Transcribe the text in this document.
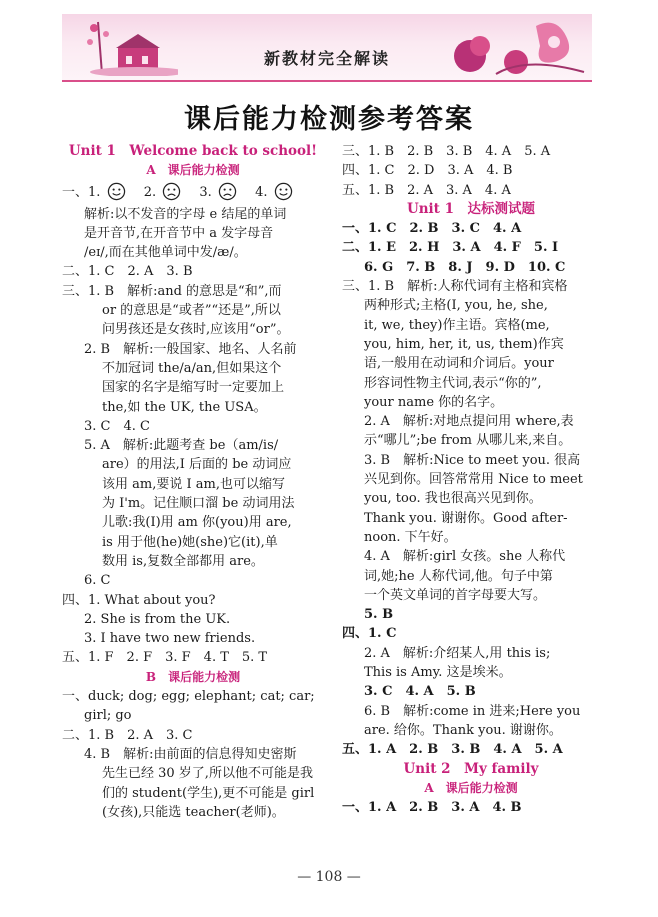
新教材完全解读
课后能力检测参考答案
Unit 1　Welcome back to school!
A　课后能力检测
一、1.	2.	3.	4.
解析:以不发音的字母 e 结尾的单词
是开音节,在开音节中 a 发字母音
/eɪ/,而在其他单词中发/æ/。
二、1. C　2. A　3. B
三、1. B　解析:and 的意思是“和”,而
or 的意思是“或者”“还是”,所以
问男孩还是女孩时,应该用“or”。
2. B　解析:一般国家、地名、人名前
不加冠词 the/a/an,但如果这个
国家的名字是缩写时一定要加上
the,如 the UK, the USA。
3. C　4. C
5. A　解析:此题考查 be（am/is/
are）的用法,I 后面的 be 动词应
该用 am,要说 I am,也可以缩写
为 I'm。记住顺口溜 be 动词用法
儿歌:我(I)用 am 你(you)用 are,
is 用于他(he)她(she)它(it),单
数用 is,复数全部都用 are。
6. C
四、1. What about you?
2. She is from the UK.
3. I have two new friends.
五、1. F　2. F　3. F　4. T　5. T
B　课后能力检测
一、duck; dog; egg; elephant; cat; car;
girl; go
二、1. B　2. A　3. C
4. B　解析:由前面的信息得知史密斯
先生已经 30 岁了,所以他不可能是我
们的 student(学生),更不可能是 girl
(女孩),只能选 teacher(老师)。
三、1. B　2. B　3. B　4. A　5. A
四、1. C　2. D　3. A　4. B
五、1. B　2. A　3. A　4. A
Unit 1　达标测试题
一、1. C　2. B　3. C　4. A
二、1. E　2. H　3. A　4. F　5. I
6. G　7. B　8. J　9. D　10. C
三、1. B　解析:人称代词有主格和宾格
两种形式;主格(I, you, he, she,
it, we, they)作主语。宾格(me,
you, him, her, it, us, them)作宾
语,一般用在动词和介词后。your
形容词性物主代词,表示“你的”,
your name 你的名字。
2. A　解析:对地点提问用 where,表
示“哪儿”;be from 从哪儿来,来自。
3. B　解析:Nice to meet you. 很高
兴见到你。回答常常用 Nice to meet
you, too. 我也很高兴见到你。
Thank you. 谢谢你。Good after-
noon. 下午好。
4. A　解析:girl 女孩。she 人称代
词,她;he 人称代词,他。句子中第
一个英文单词的首字母要大写。
5. B
四、1. C
2. A　解析:介绍某人,用 this is;
This is Amy. 这是埃米。
3. C　4. A　5. B
6. B　解析:come in 进来;Here you
are. 给你。Thank you. 谢谢你。
五、1. A　2. B　3. B　4. A　5. A
Unit 2　My family
A　课后能力检测
一、1. A　2. B　3. A　4. B
— 108 —
